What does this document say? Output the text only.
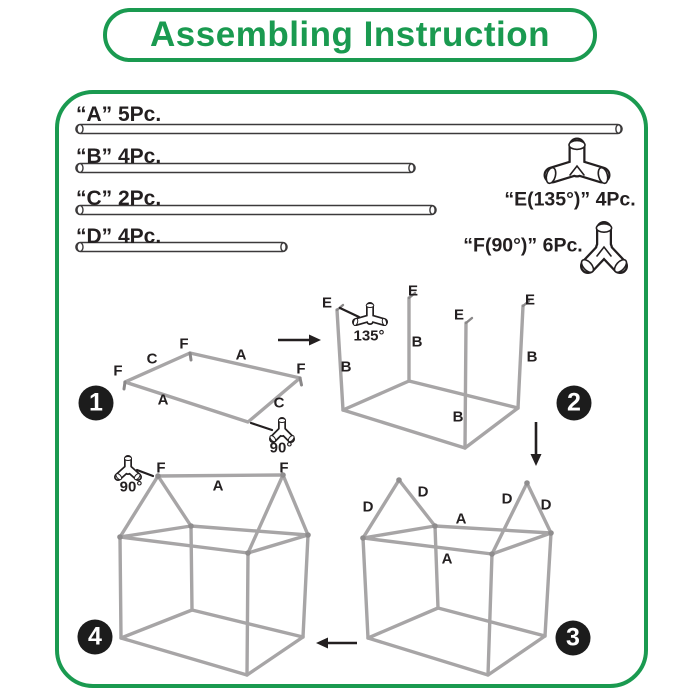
Assembling Instruction
“A” 5Pc.
“B” 4Pc.
“C” 2Pc.
“D” 4Pc.
“E(135°)” 4Pc.
“F(90°)” 6Pc.
F
C
F
A
F
A	C
90°
E
E
E
E
B
B
B
B
135°
D
D	D D
A
A
F	F
A
90°
1	2
3
4
